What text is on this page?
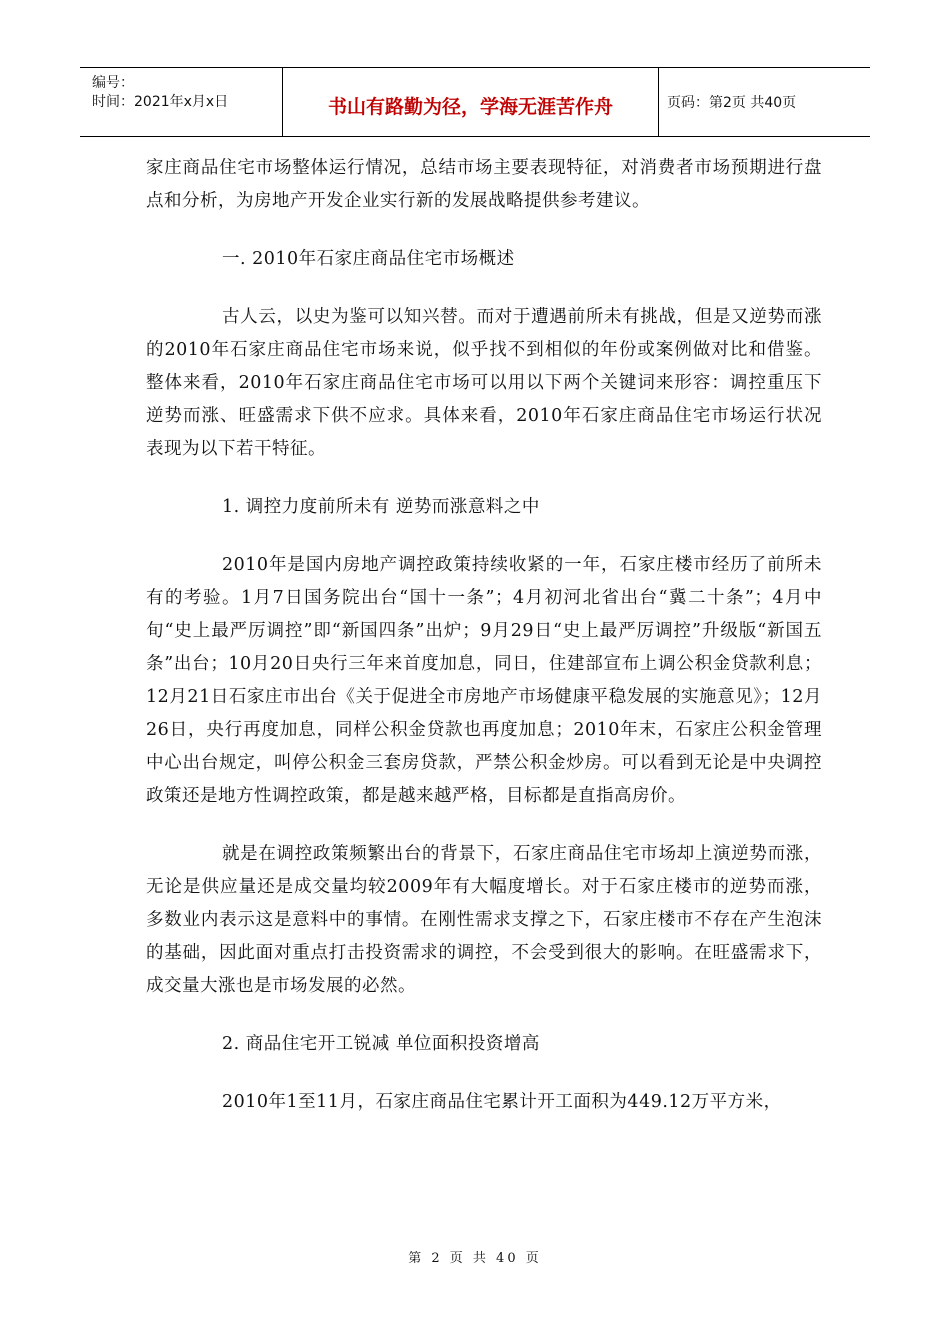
编号：
时间：2021年x月x日	书山有路勤为径，学海无涯苦作舟	页码：第2页 共40页

家庄商品住宅市场整体运行情况，总结市场主要表现特征，对消费者市场预期进行盘点和分析，为房地产开发企业实行新的发展战略提供参考建议。

一. 2010年石家庄商品住宅市场概述

古人云，以史为鉴可以知兴替。而对于遭遇前所未有挑战，但是又逆势而涨的2010年石家庄商品住宅市场来说，似乎找不到相似的年份或案例做对比和借鉴。整体来看，2010年石家庄商品住宅市场可以用以下两个关键词来形容：调控重压下逆势而涨、旺盛需求下供不应求。具体来看，2010年石家庄商品住宅市场运行状况表现为以下若干特征。

1. 调控力度前所未有 逆势而涨意料之中

2010年是国内房地产调控政策持续收紧的一年，石家庄楼市经历了前所未有的考验。1月7日国务院出台“国十一条”；4月初河北省出台“冀二十条”；4月中旬“史上最严厉调控”即“新国四条”出炉；9月29日“史上最严厉调控”升级版“新国五条”出台；10月20日央行三年来首度加息，同日，住建部宣布上调公积金贷款利息；12月21日石家庄市出台《关于促进全市房地产市场健康平稳发展的实施意见》；12月26日，央行再度加息，同样公积金贷款也再度加息；2010年末，石家庄公积金管理中心出台规定，叫停公积金三套房贷款，严禁公积金炒房。可以看到无论是中央调控政策还是地方性调控政策，都是越来越严格，目标都是直指高房价。

就是在调控政策频繁出台的背景下，石家庄商品住宅市场却上演逆势而涨，无论是供应量还是成交量均较2009年有大幅度增长。对于石家庄楼市的逆势而涨，多数业内表示这是意料中的事情。在刚性需求支撑之下，石家庄楼市不存在产生泡沫的基础，因此面对重点打击投资需求的调控，不会受到很大的影响。在旺盛需求下，成交量大涨也是市场发展的必然。

2. 商品住宅开工锐减 单位面积投资增高

2010年1至11月，石家庄商品住宅累计开工面积为449.12万平方米，

第 2 页 共 40 页
